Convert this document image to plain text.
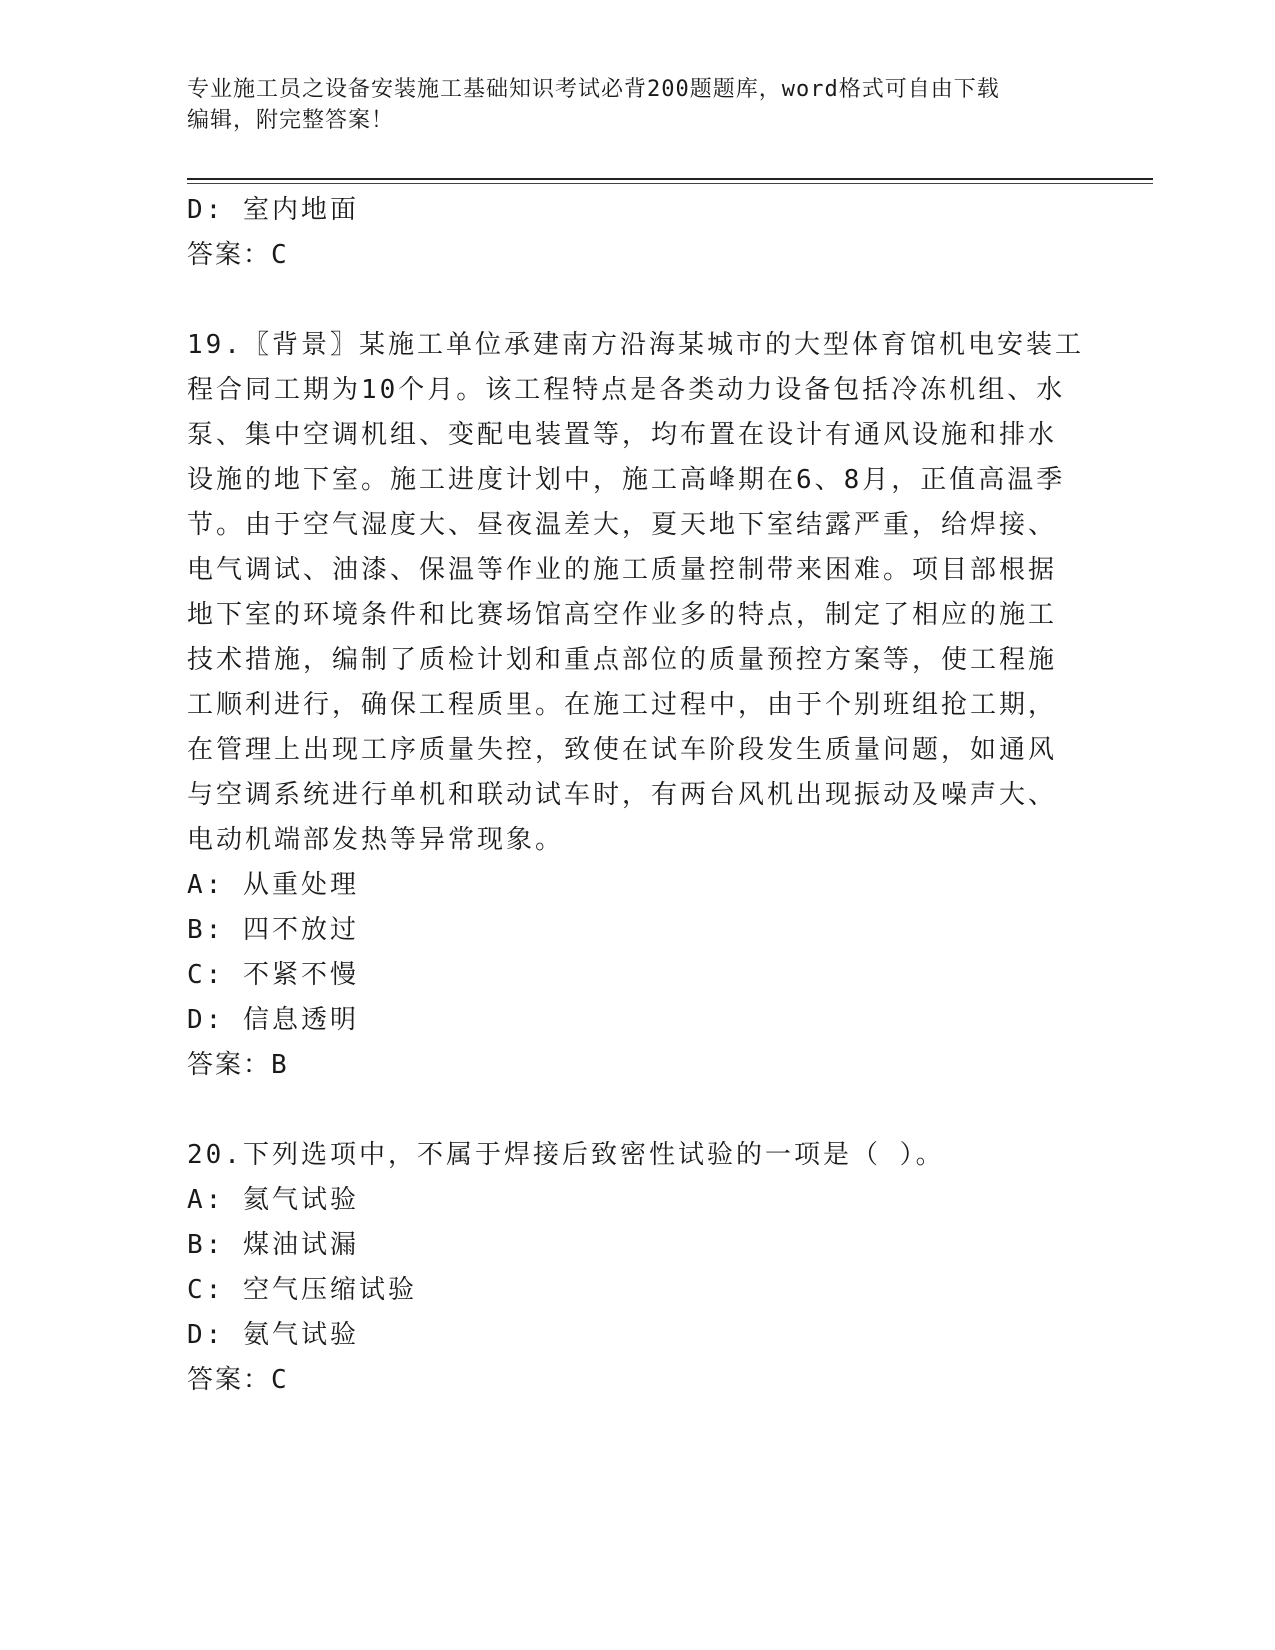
专业施工员之设备安装施工基础知识考试必背200题题库，word格式可自由下载
编辑，附完整答案！
D: 室内地面
答案：C
19.〖背景〗某施工单位承建南方沿海某城市的大型体育馆机电安装工
程合同工期为10个月。该工程特点是各类动力设备包括冷冻机组、水
泵、集中空调机组、变配电装置等，均布置在设计有通风设施和排水
设施的地下室。施工进度计划中，施工高峰期在6、8月，正值高温季
节。由于空气湿度大、昼夜温差大，夏天地下室结露严重，给焊接、
电气调试、油漆、保温等作业的施工质量控制带来困难。项目部根据
地下室的环境条件和比赛场馆高空作业多的特点，制定了相应的施工
技术措施，编制了质检计划和重点部位的质量预控方案等，使工程施
工顺利进行，确保工程质里。在施工过程中，由于个别班组抢工期，
在管理上出现工序质量失控，致使在试车阶段发生质量问题，如通风
与空调系统进行单机和联动试车时，有两台风机出现振动及噪声大、
电动机端部发热等异常现象。
A: 从重处理
B: 四不放过
C: 不紧不慢
D: 信息透明
答案：B
20.下列选项中，不属于焊接后致密性试验的一项是（ ）。
A: 氦气试验
B: 煤油试漏
C: 空气压缩试验
D: 氨气试验
答案：C
